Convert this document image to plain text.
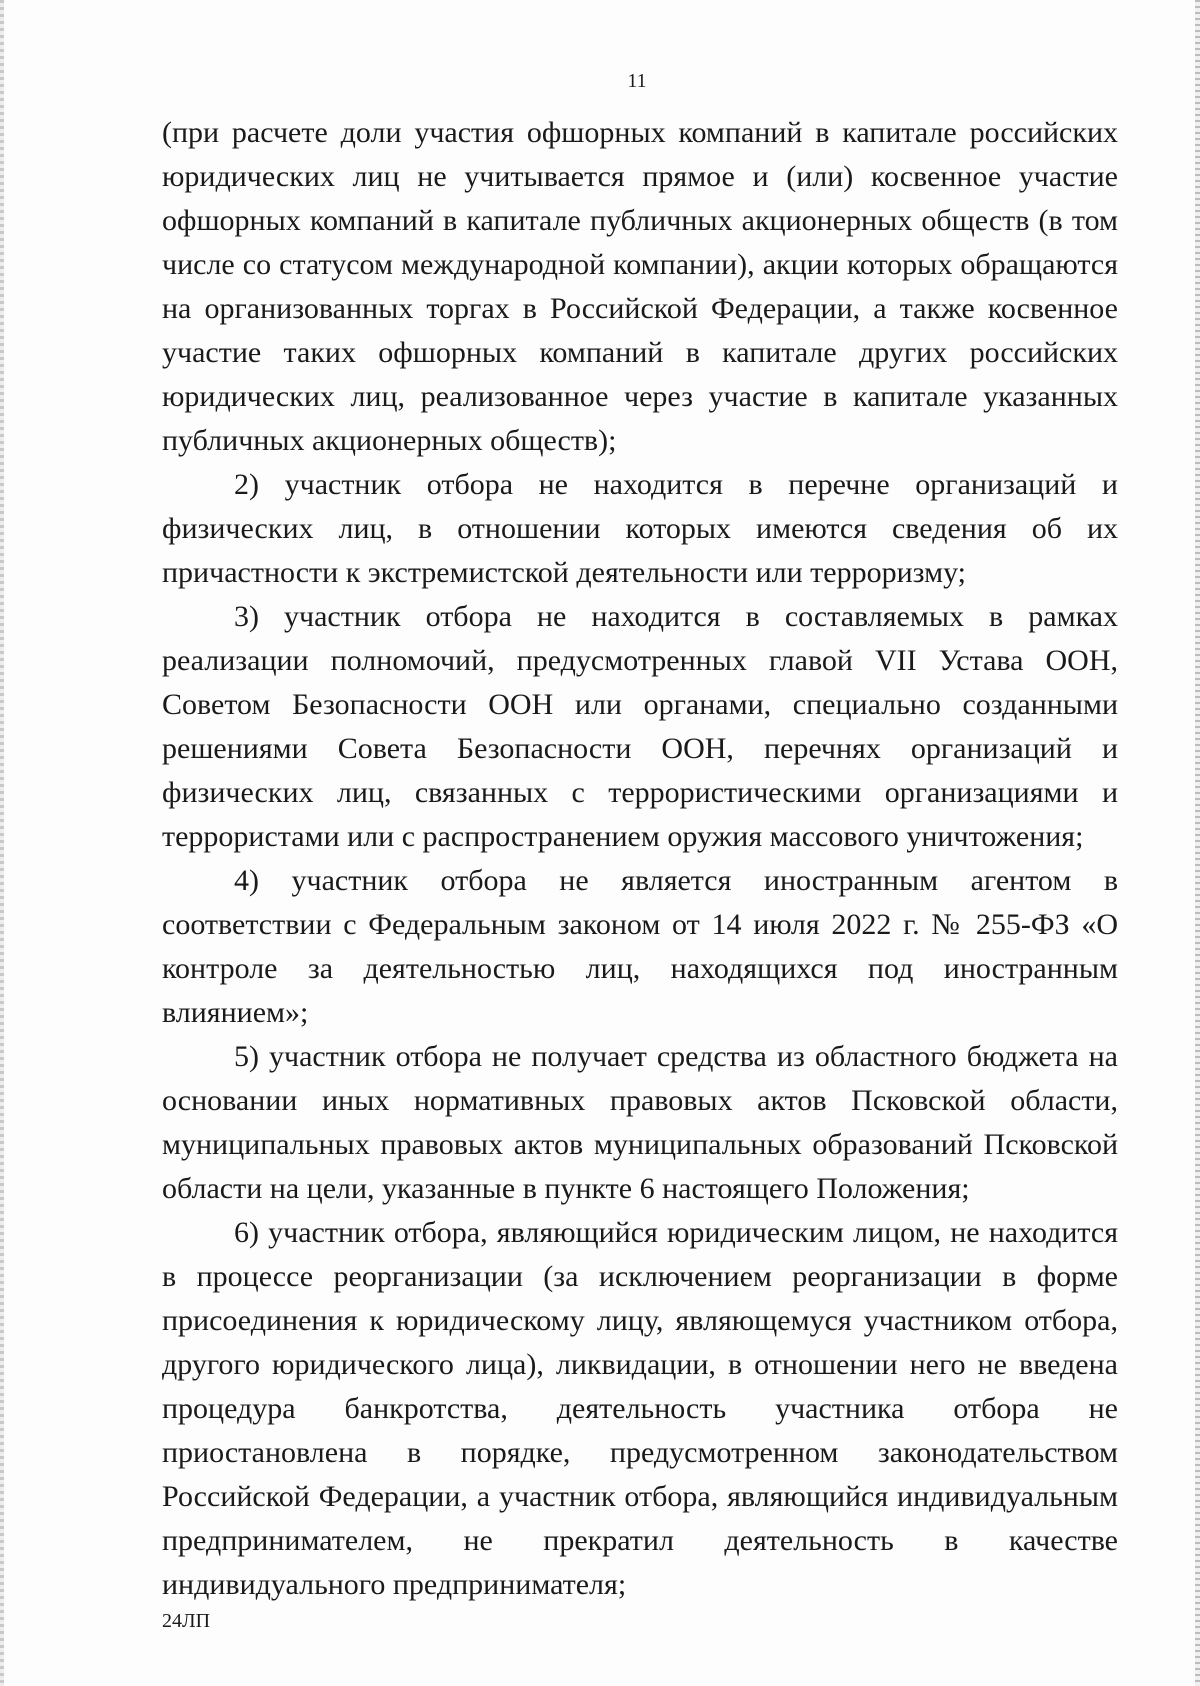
11

(при расчете доли участия офшорных компаний в капитале российских юридических лиц не учитывается прямое и (или) косвенное участие офшорных компаний в капитале публичных акционерных обществ (в том числе со статусом международной компании), акции которых обращаются на организованных торгах в Российской Федерации, а также косвенное участие таких офшорных компаний в капитале других российских юридических лиц, реализованное через участие в капитале указанных публичных акционерных обществ);

2) участник отбора не находится в перечне организаций и физических лиц, в отношении которых имеются сведения об их причастности к экстремистской деятельности или терроризму;

3) участник отбора не находится в составляемых в рамках реализации полномочий, предусмотренных главой VII Устава ООН, Советом Безопасности ООН или органами, специально созданными решениями Совета Безопасности ООН, перечнях организаций и физических лиц, связанных с террористическими организациями и террористами или с распространением оружия массового уничтожения;

4) участник отбора не является иностранным агентом в соответствии с Федеральным законом от 14 июля 2022 г. № 255-ФЗ «О контроле за деятельностью лиц, находящихся под иностранным влиянием»;

5) участник отбора не получает средства из областного бюджета на основании иных нормативных правовых актов Псковской области, муниципальных правовых актов муниципальных образований Псковской области на цели, указанные в пункте 6 настоящего Положения;

6) участник отбора, являющийся юридическим лицом, не находится в процессе реорганизации (за исключением реорганизации в форме присоединения к юридическому лицу, являющемуся участником отбора, другого юридического лица), ликвидации, в отношении него не введена процедура банкротства, деятельность участника отбора не приостановлена в порядке, предусмотренном законодательством Российской Федерации, а участник отбора, являющийся индивидуальным предпринимателем, не прекратил деятельность в качестве индивидуального предпринимателя;

24ЛП
